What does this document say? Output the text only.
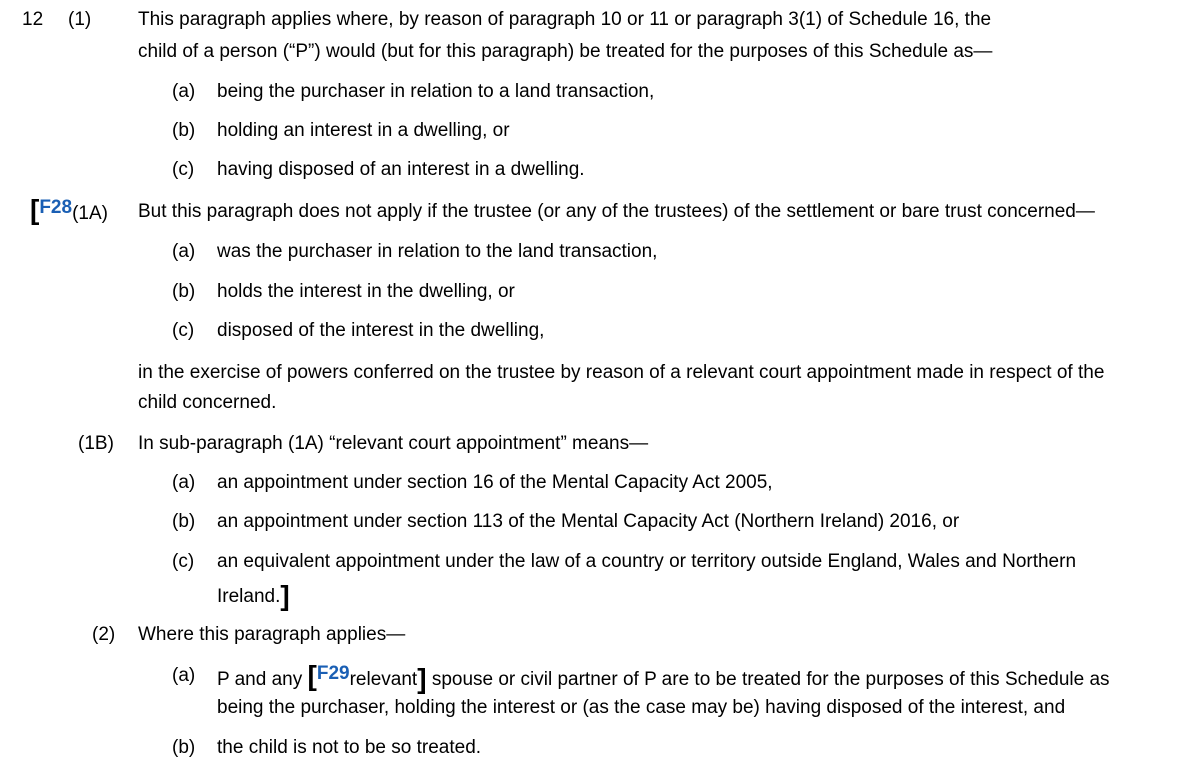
12 (1) This paragraph applies where, by reason of paragraph 10 or 11 or paragraph 3(1) of Schedule 16, the
child of a person (“P”) would (but for this paragraph) be treated for the purposes of this Schedule as—
(a) being the purchaser in relation to a land transaction,
(b) holding an interest in a dwelling, or
(c) having disposed of an interest in a dwelling.
[F28(1A) But this paragraph does not apply if the trustee (or any of the trustees) of the settlement or bare trust concerned—
(a) was the purchaser in relation to the land transaction,
(b) holds the interest in the dwelling, or
(c) disposed of the interest in the dwelling,
in the exercise of powers conferred on the trustee by reason of a relevant court appointment made in respect of the
child concerned.
(1B) In sub-paragraph (1A) “relevant court appointment” means—
(a) an appointment under section 16 of the Mental Capacity Act 2005,
(b) an appointment under section 113 of the Mental Capacity Act (Northern Ireland) 2016, or
(c) an equivalent appointment under the law of a country or territory outside England, Wales and Northern
Ireland.]
(2) Where this paragraph applies—
(a) P and any [F29relevant] spouse or civil partner of P are to be treated for the purposes of this Schedule as
being the purchaser, holding the interest or (as the case may be) having disposed of the interest, and
(b) the child is not to be so treated.
